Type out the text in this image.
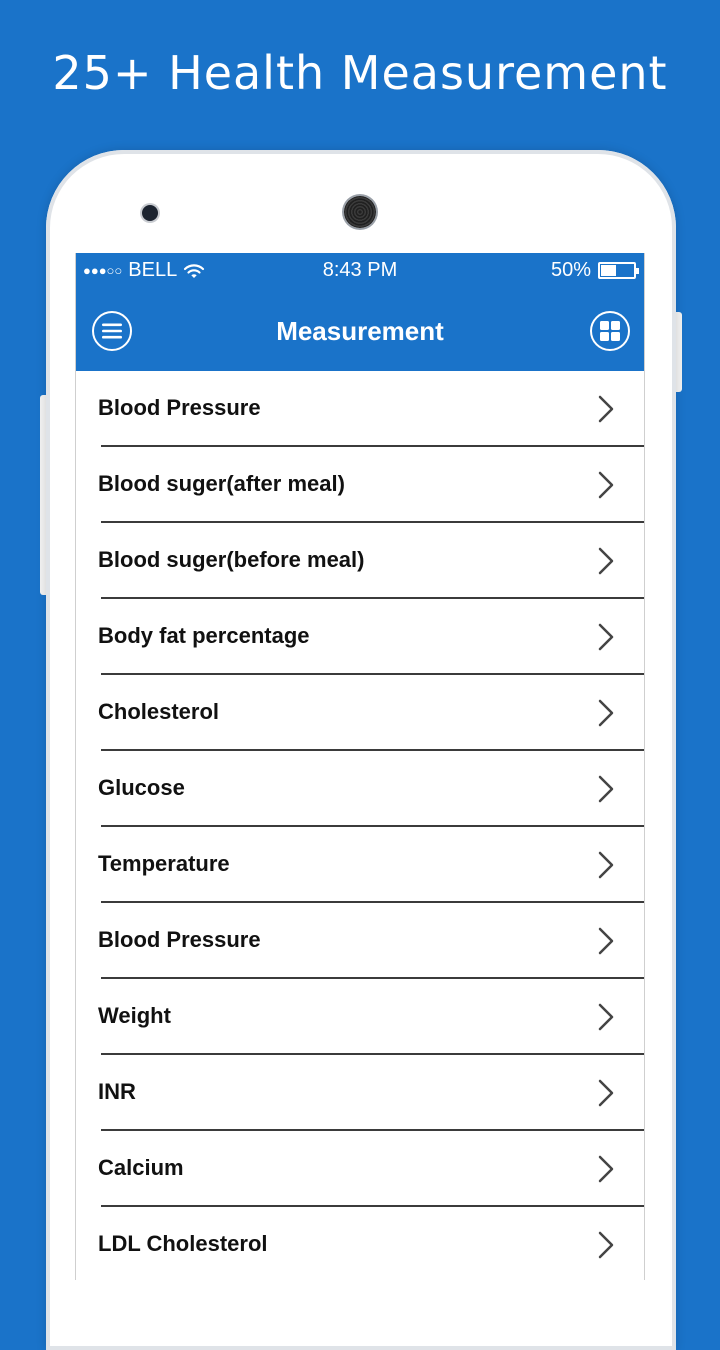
25+ Health Measurement
●●●○○ BELL	8:43 PM	50%
Measurement
Blood Pressure
Blood suger(after meal)
Blood suger(before meal)
Body fat percentage
Cholesterol
Glucose
Temperature
Blood Pressure
Weight
INR
Calcium
LDL Cholesterol
